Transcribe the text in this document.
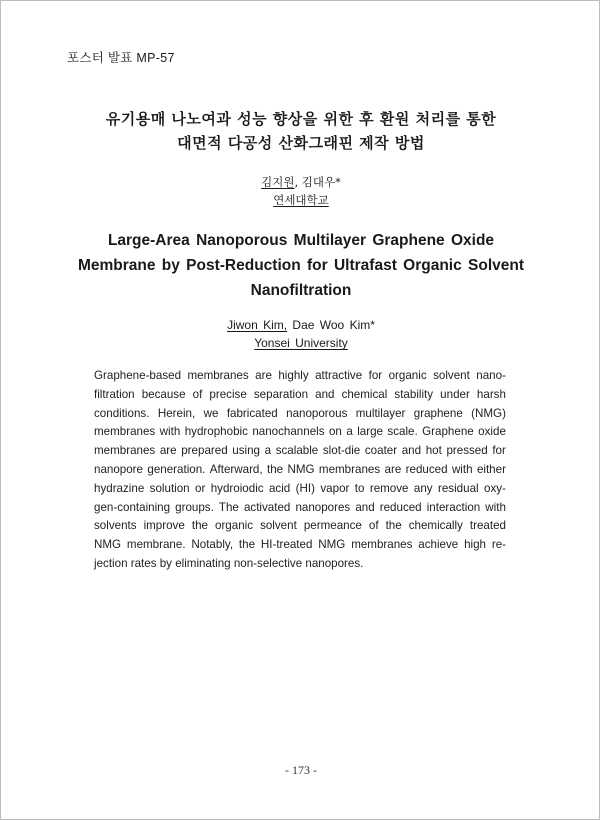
포스터 발표 MP-57
유기용매 나노여과 성능 향상을 위한 후 환원 처리를 통한
대면적 다공성 산화그래핀 제작 방법
김지원, 김대우*
연세대학교
Large-Area Nanoporous Multilayer Graphene Oxide
Membrane by Post-Reduction for Ultrafast Organic Solvent
Nanofiltration
Jiwon Kim, Dae Woo Kim*
Yonsei University
Graphene-based membranes are highly attractive for organic solvent nano-
filtration because of precise separation and chemical stability under harsh
conditions. Herein, we fabricated nanoporous multilayer graphene (NMG)
membranes with hydrophobic nanochannels on a large scale. Graphene oxide
membranes are prepared using a scalable slot-die coater and hot pressed for
nanopore generation. Afterward, the NMG membranes are reduced with either
hydrazine solution or hydroiodic acid (HI) vapor to remove any residual oxy-
gen-containing groups. The activated nanopores and reduced interaction with
solvents improve the organic solvent permeance of the chemically treated
NMG membrane. Notably, the HI-treated NMG membranes achieve high re-
jection rates by eliminating non-selective nanopores.
- 173 -
